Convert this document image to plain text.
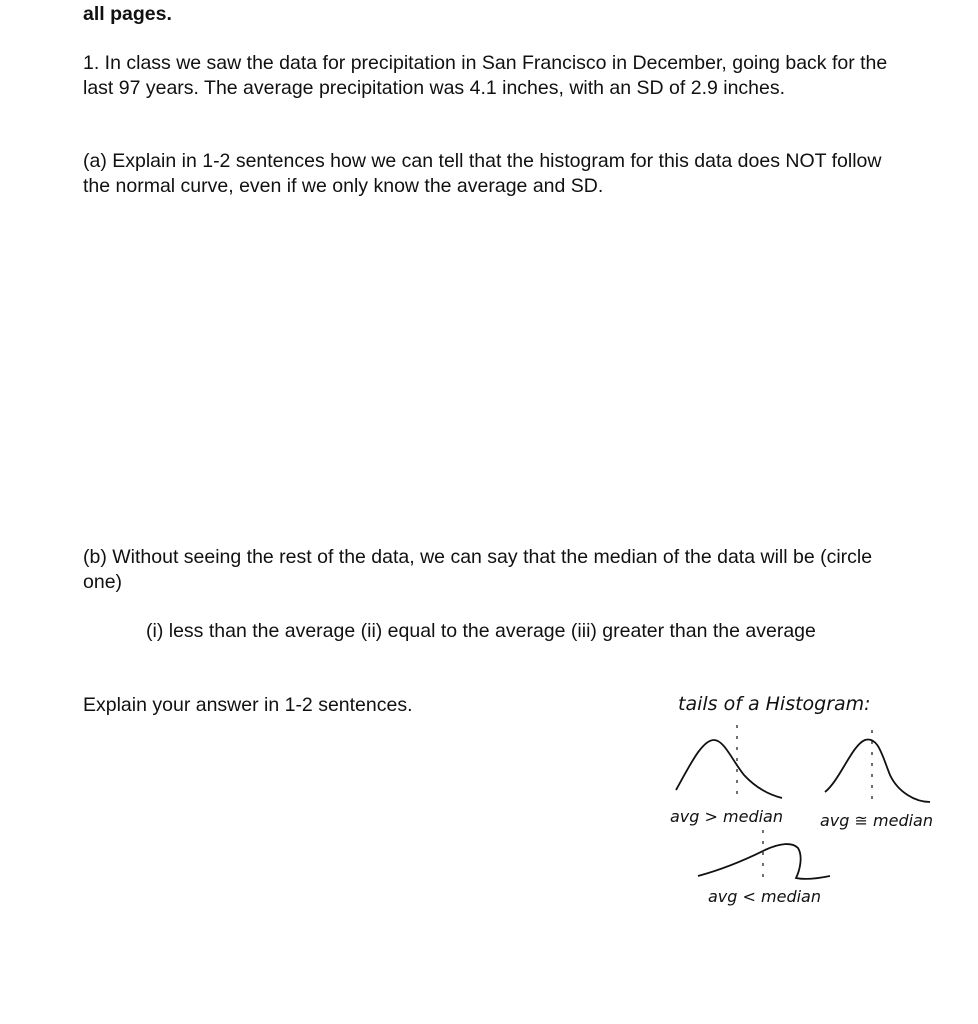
all pages.

1. In class we saw the data for precipitation in San Francisco in December, going back for the last 97 years. The average precipitation was 4.1 inches, with an SD of 2.9 inches.

(a) Explain in 1-2 sentences how we can tell that the histogram for this data does NOT follow the normal curve, even if we only know the average and SD.

(b) Without seeing the rest of the data, we can say that the median of the data will be (circle one)

(i) less than the average (ii) equal to the average (iii) greater than the average

Explain your answer in 1-2 sentences.	tails of a Histogram:
avg > median avg ≅ median
avg < median
